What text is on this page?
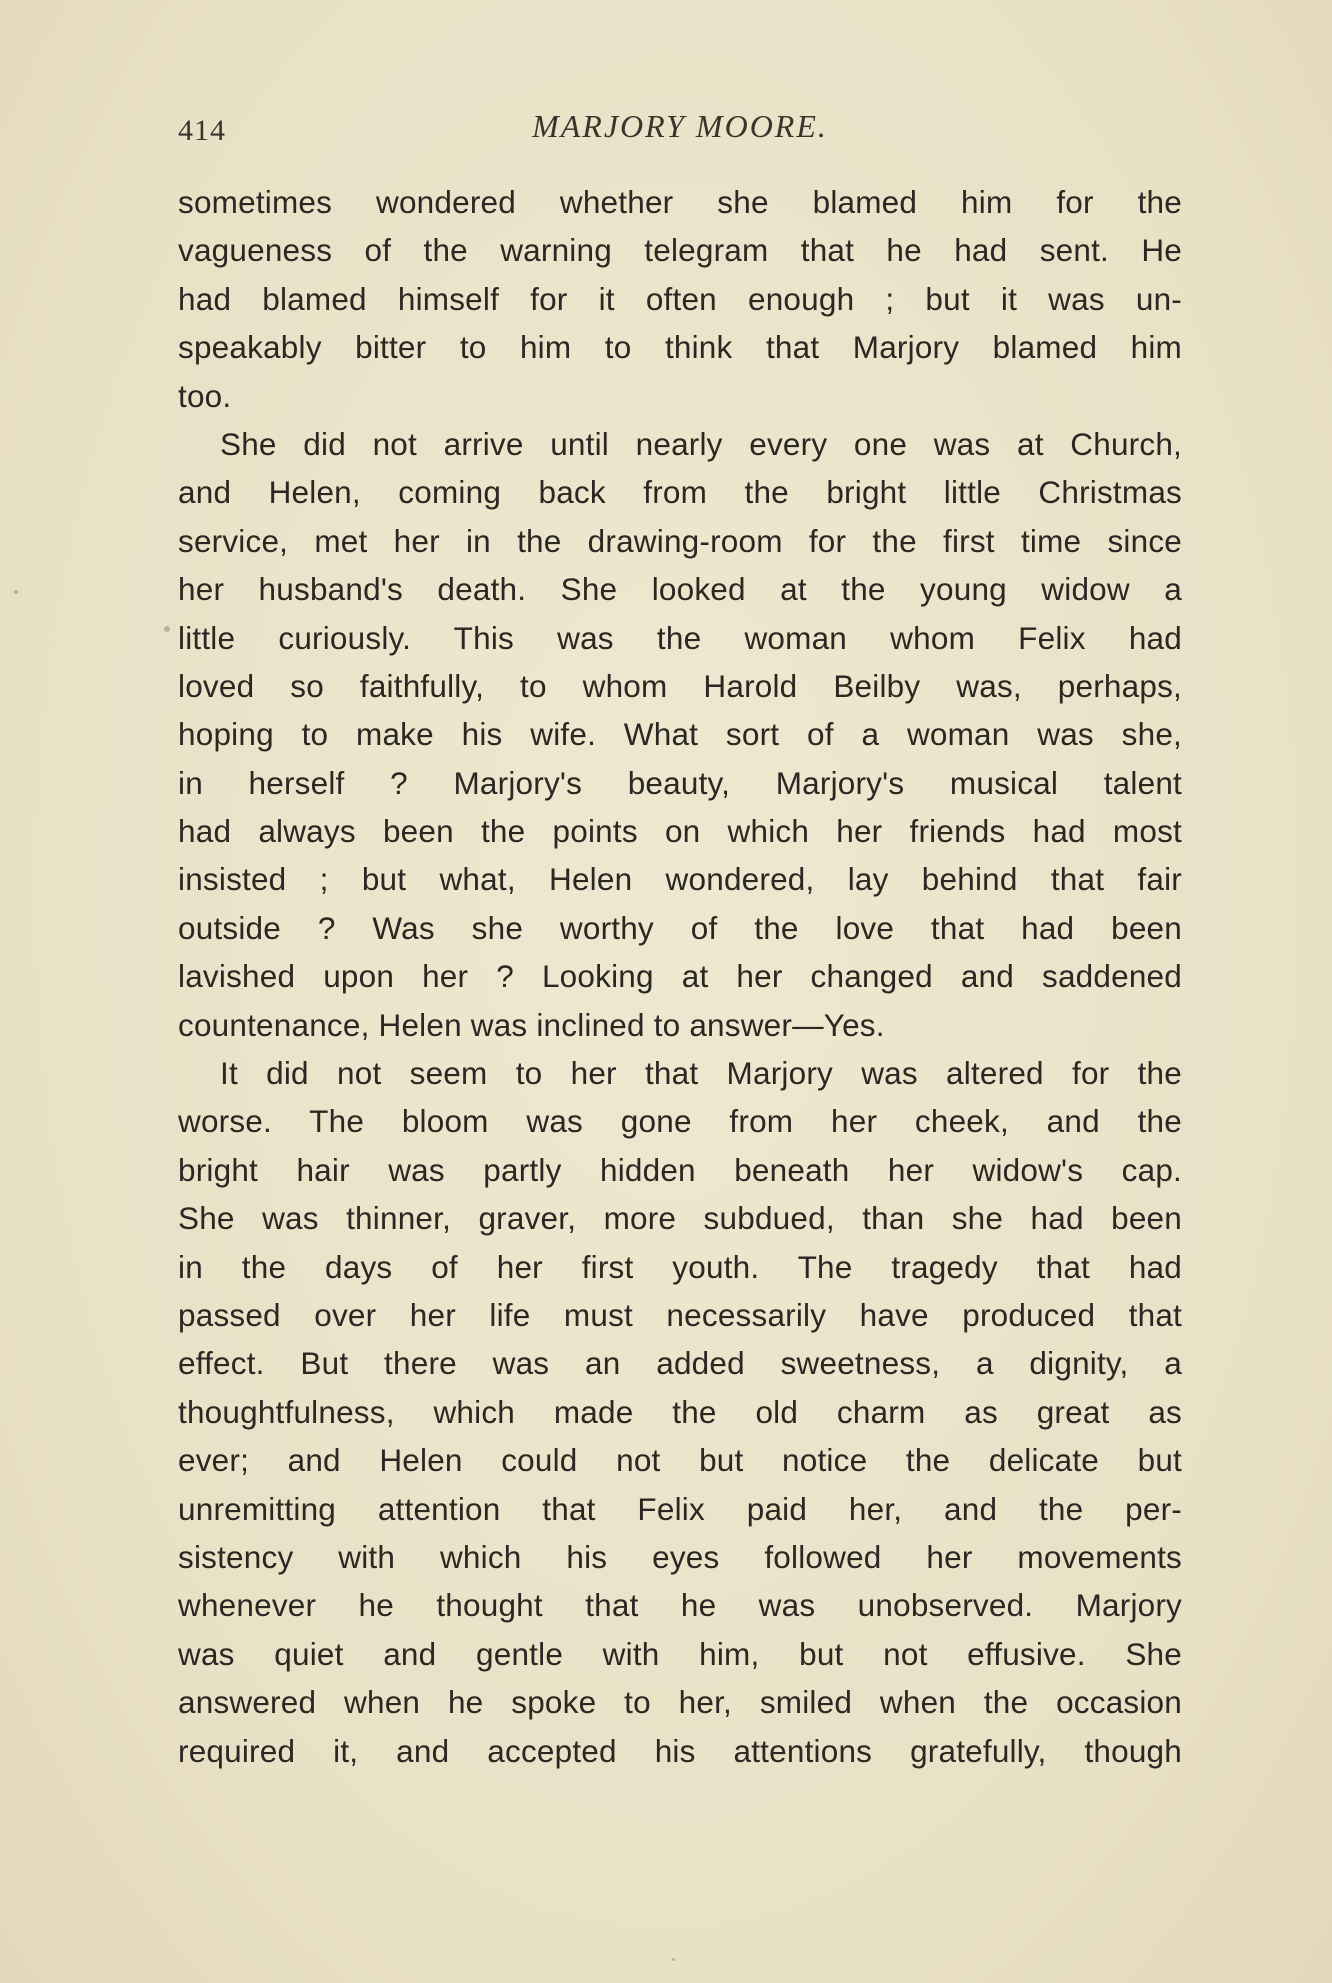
414	MARJORY MOORE.
sometimes wondered whether she blamed him for the
vagueness of the warning telegram that he had sent. He
had blamed himself for it often enough ; but it was un-
speakably bitter to him to think that Marjory blamed him
too.
She did not arrive until nearly every one was at Church,
and Helen, coming back from the bright little Christmas
service, met her in the drawing-room for the first time since
her husband's death. She looked at the young widow a
little curiously. This was the woman whom Felix had
loved so faithfully, to whom Harold Beilby was, perhaps,
hoping to make his wife. What sort of a woman was she,
in herself ? Marjory's beauty, Marjory's musical talent
had always been the points on which her friends had most
insisted ; but what, Helen wondered, lay behind that fair
outside ? Was she worthy of the love that had been
lavished upon her ? Looking at her changed and saddened
countenance, Helen was inclined to answer—Yes.
It did not seem to her that Marjory was altered for the
worse. The bloom was gone from her cheek, and the
bright hair was partly hidden beneath her widow's cap.
She was thinner, graver, more subdued, than she had been
in the days of her first youth. The tragedy that had
passed over her life must necessarily have produced that
effect. But there was an added sweetness, a dignity, a
thoughtfulness, which made the old charm as great as
ever; and Helen could not but notice the delicate but
unremitting attention that Felix paid her, and the per-
sistency with which his eyes followed her movements
whenever he thought that he was unobserved. Marjory
was quiet and gentle with him, but not effusive. She
answered when he spoke to her, smiled when the occasion
required it, and accepted his attentions gratefully, though
